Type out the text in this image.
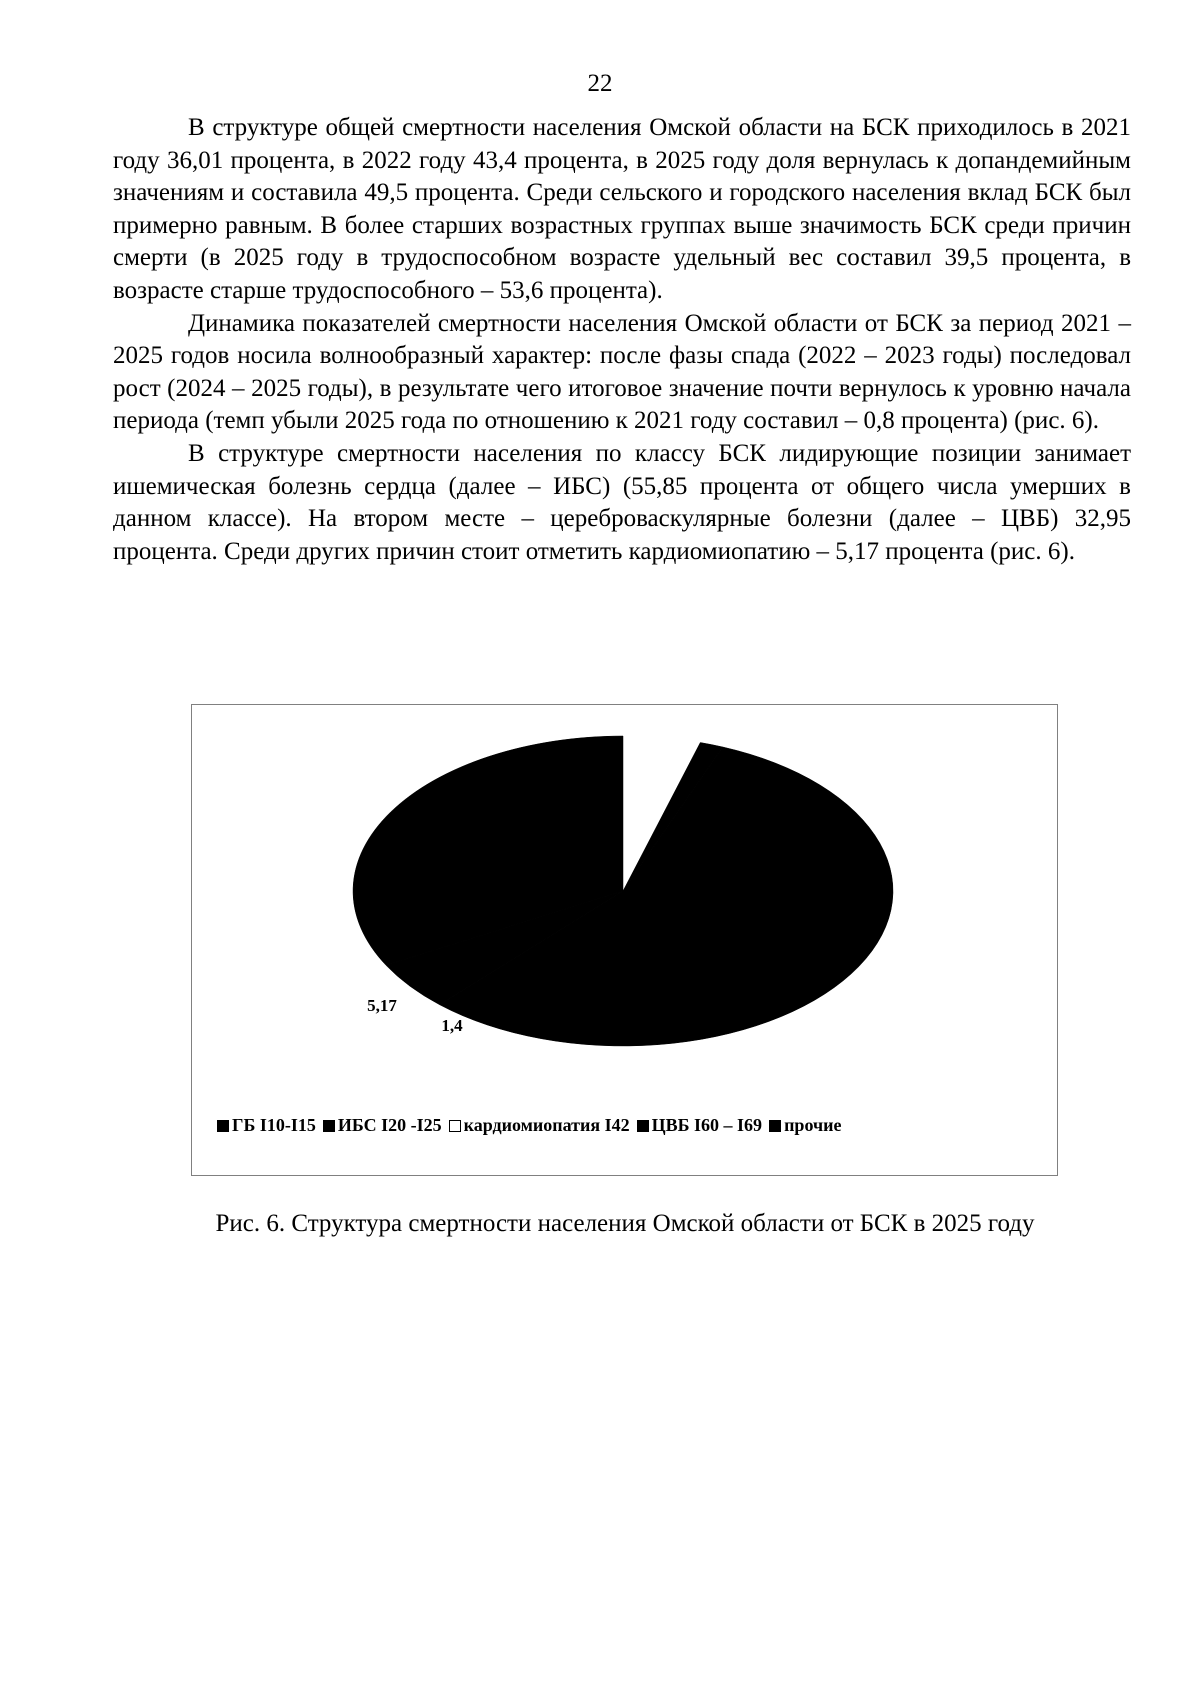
22

В структуре общей смертности населения Омской области на БСК приходилось в 2021 году 36,01 процента, в 2022 году 43,4 процента, в 2025 году доля вернулась к допандемийным значениям и составила 49,5 процента. Среди сельского и городского населения вклад БСК был примерно равным. В более старших возрастных группах выше значимость БСК среди причин смерти (в 2025 году в трудоспособном возрасте удельный вес составил 39,5 процента, в возрасте старше трудоспособного – 53,6 процента).

Динамика показателей смертности населения Омской области от БСК за период 2021 – 2025 годов носила волнообразный характер: после фазы спада (2022 – 2023 годы) последовал рост (2024 – 2025 годы), в результате чего итоговое значение почти вернулось к уровню начала периода (темп убыли 2025 года по отношению к 2021 году составил – 0,8 процента) (рис. 6).

В структуре смертности населения по классу БСК лидирующие позиции занимает ишемическая болезнь сердца (далее – ИБС) (55,85 процента от общего числа умерших в данном классе). На втором месте – цереброваскулярные болезни (далее – ЦВБ) 32,95 процента. Среди других причин стоит отметить кардиомиопатию – 5,17 процента (рис. 6).

1,4
5,17
32,95
4,62
ГБ I10-I15 ИБС I20 -I25 кардиомиопатия I42 ЦВБ I60 – I69 прочие
Рис. 6. Структура смертности населения Омской области от БСК в 2025 году
